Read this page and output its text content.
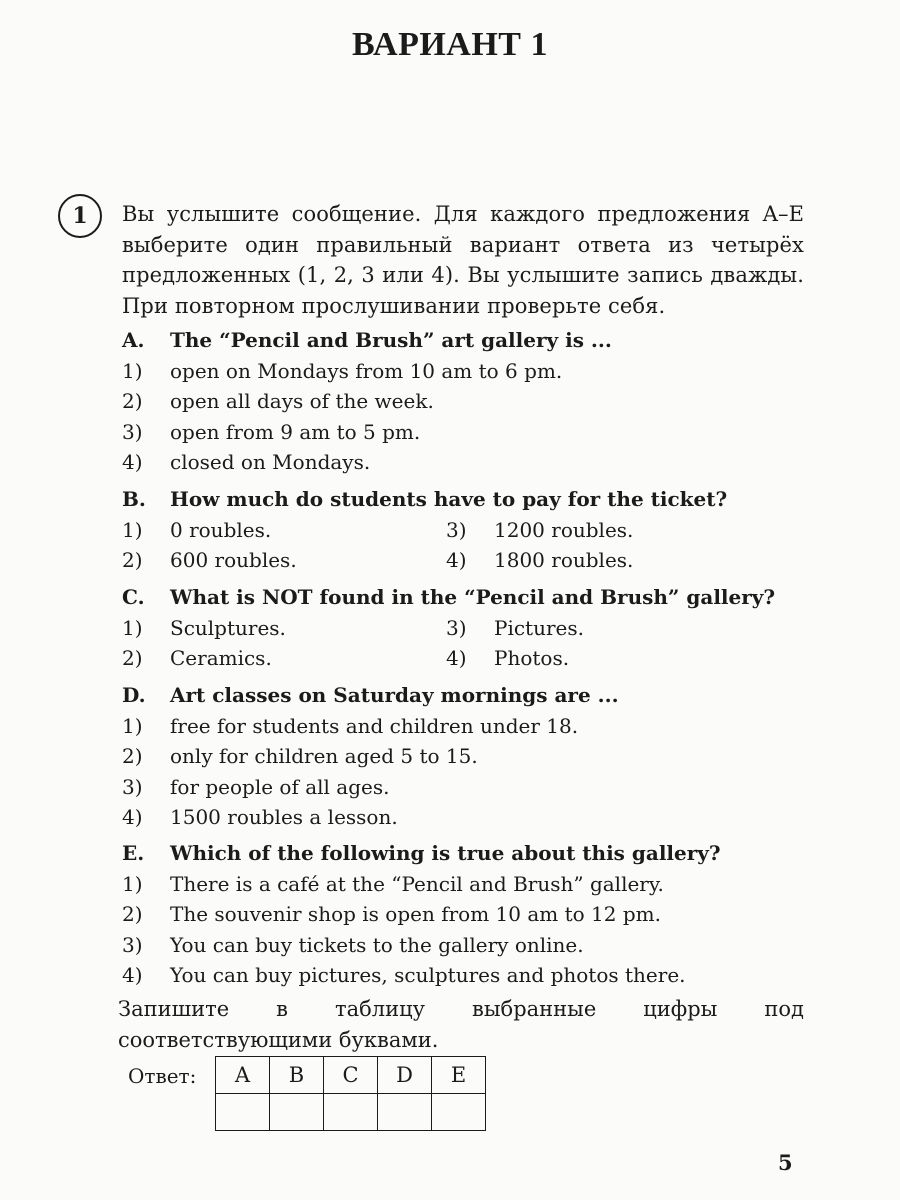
ВАРИАНТ 1
1 Вы услышите сообщение. Для каждого предложения A–E выберите один правильный вариант ответа из четырёх предложенных (1, 2, 3 или 4). Вы услышите запись дважды. При повторном прослушивании проверьте себя.

A. The “Pencil and Brush” art gallery is ...
1) open on Mondays from 10 am to 6 pm.
2) open all days of the week.
3) open from 9 am to 5 pm.
4) closed on Mondays.
B. How much do students have to pay for the ticket?
1) 0 roubles.	3) 1200 roubles.
2) 600 roubles.	4) 1800 roubles.
C. What is NOT found in the “Pencil and Brush” gallery?
1) Sculptures.	3) Pictures.
2) Ceramics.	4) Photos.
D. Art classes on Saturday mornings are ...
1) free for students and children under 18.
2) only for children aged 5 to 15.
3) for people of all ages.
4) 1500 roubles a lesson.
E. Which of the following is true about this gallery?
1) There is a café at the “Pencil and Brush” gallery.
2) The souvenir shop is open from 10 am to 12 pm.
3) You can buy tickets to the gallery online.
4) You can buy pictures, sculptures and photos there.

Запишите в таблицу выбранные цифры под соответствующими буквами.

Ответ: A	B	C	D	E

5
